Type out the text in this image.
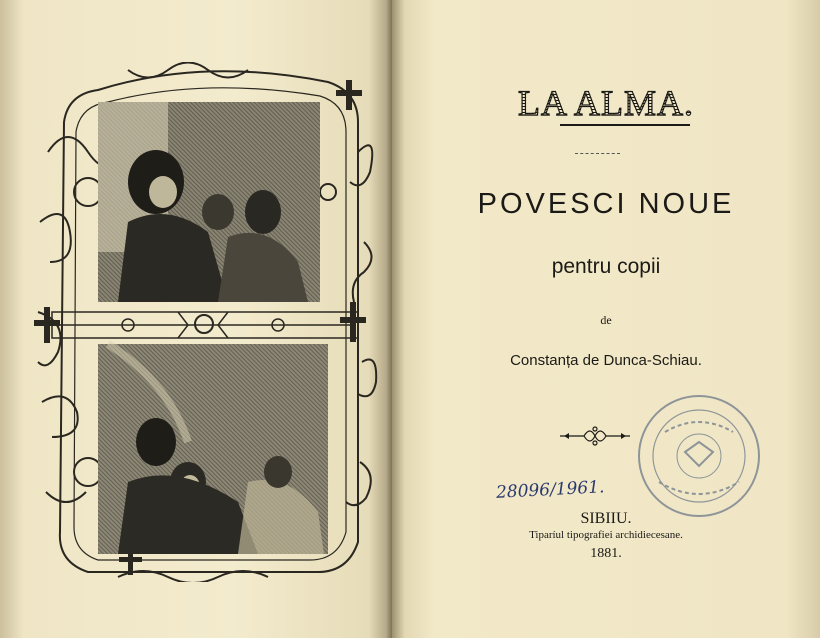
LA ALMA.
POVESCI NOUE
pentru copii
de
Constanța de Dunca-Schiau.
28096/1961.
SIBIIU.
Tiparíul tipografiei archidiecesane.
1881.
